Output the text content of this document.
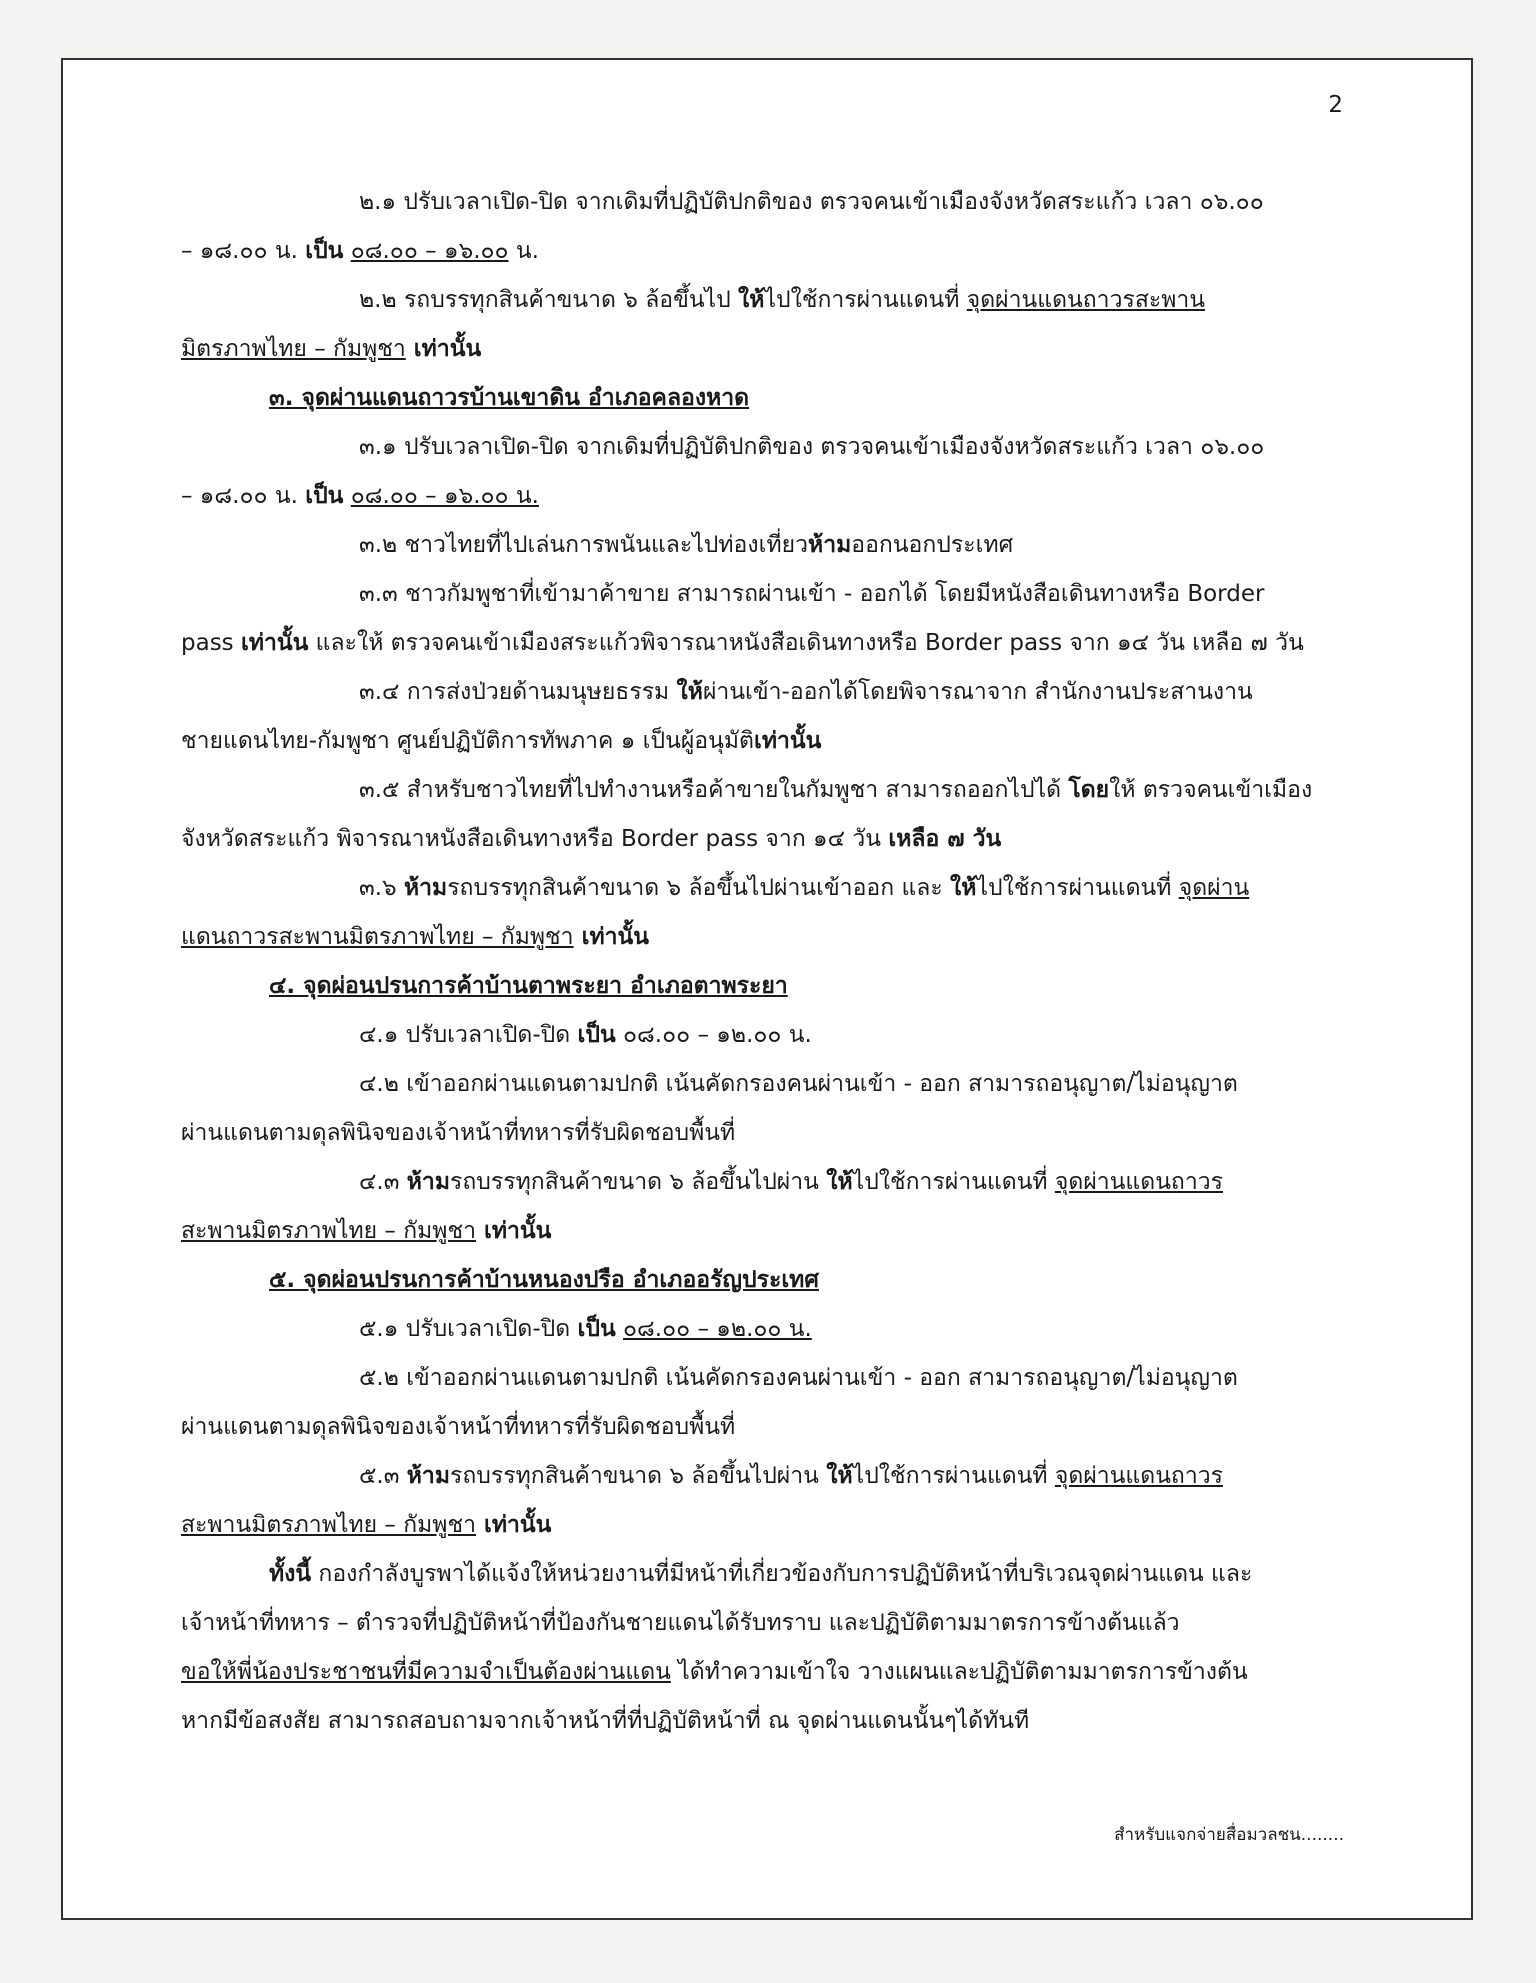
2
๒.๑ ปรับเวลาเปิด-ปิด จากเดิมที่ปฏิบัติปกติของ ตรวจคนเข้าเมืองจังหวัดสระแก้ว เวลา ๐๖.๐๐
– ๑๘.๐๐ น. เป็น ๐๘.๐๐ – ๑๖.๐๐ น.
๒.๒ รถบรรทุกสินค้าขนาด ๖ ล้อขึ้นไป ให้ไปใช้การผ่านแดนที่ จุดผ่านแดนถาวรสะพาน
มิตรภาพไทย – กัมพูชา เท่านั้น
๓. จุดผ่านแดนถาวรบ้านเขาดิน อำเภอคลองหาด
๓.๑ ปรับเวลาเปิด-ปิด จากเดิมที่ปฏิบัติปกติของ ตรวจคนเข้าเมืองจังหวัดสระแก้ว เวลา ๐๖.๐๐
– ๑๘.๐๐ น. เป็น ๐๘.๐๐ – ๑๖.๐๐ น.
๓.๒ ชาวไทยที่ไปเล่นการพนันและไปท่องเที่ยวห้ามออกนอกประเทศ
๓.๓ ชาวกัมพูชาที่เข้ามาค้าขาย สามารถผ่านเข้า - ออกได้ โดยมีหนังสือเดินทางหรือ Border
pass เท่านั้น และให้ ตรวจคนเข้าเมืองสระแก้วพิจารณาหนังสือเดินทางหรือ Border pass จาก ๑๔ วัน เหลือ ๗ วัน
๓.๔ การส่งป่วยด้านมนุษยธรรม ให้ผ่านเข้า-ออกได้โดยพิจารณาจาก สำนักงานประสานงาน
ชายแดนไทย-กัมพูชา ศูนย์ปฏิบัติการทัพภาค ๑ เป็นผู้อนุมัติเท่านั้น
๓.๕ สำหรับชาวไทยที่ไปทำงานหรือค้าขายในกัมพูชา สามารถออกไปได้ โดยให้ ตรวจคนเข้าเมือง
จังหวัดสระแก้ว พิจารณาหนังสือเดินทางหรือ Border pass จาก ๑๔ วัน เหลือ ๗ วัน
๓.๖ ห้ามรถบรรทุกสินค้าขนาด ๖ ล้อขึ้นไปผ่านเข้าออก และ ให้ไปใช้การผ่านแดนที่ จุดผ่าน
แดนถาวรสะพานมิตรภาพไทย – กัมพูชา เท่านั้น
๔. จุดผ่อนปรนการค้าบ้านตาพระยา อำเภอตาพระยา
๔.๑ ปรับเวลาเปิด-ปิด เป็น ๐๘.๐๐ – ๑๒.๐๐ น.
๔.๒ เข้าออกผ่านแดนตามปกติ เน้นคัดกรองคนผ่านเข้า - ออก สามารถอนุญาต/ไม่อนุญาต
ผ่านแดนตามดุลพินิจของเจ้าหน้าที่ทหารที่รับผิดชอบพื้นที่
๔.๓ ห้ามรถบรรทุกสินค้าขนาด ๖ ล้อขึ้นไปผ่าน ให้ไปใช้การผ่านแดนที่ จุดผ่านแดนถาวร
สะพานมิตรภาพไทย – กัมพูชา เท่านั้น
๕. จุดผ่อนปรนการค้าบ้านหนองปรือ อำเภออรัญประเทศ
๕.๑ ปรับเวลาเปิด-ปิด เป็น ๐๘.๐๐ – ๑๒.๐๐ น.
๕.๒ เข้าออกผ่านแดนตามปกติ เน้นคัดกรองคนผ่านเข้า - ออก สามารถอนุญาต/ไม่อนุญาต
ผ่านแดนตามดุลพินิจของเจ้าหน้าที่ทหารที่รับผิดชอบพื้นที่
๕.๓ ห้ามรถบรรทุกสินค้าขนาด ๖ ล้อขึ้นไปผ่าน ให้ไปใช้การผ่านแดนที่ จุดผ่านแดนถาวร
สะพานมิตรภาพไทย – กัมพูชา เท่านั้น
ทั้งนี้ กองกำลังบูรพาได้แจ้งให้หน่วยงานที่มีหน้าที่เกี่ยวข้องกับการปฏิบัติหน้าที่บริเวณจุดผ่านแดน และ
เจ้าหน้าที่ทหาร – ตำรวจที่ปฏิบัติหน้าที่ป้องกันชายแดนได้รับทราบ และปฏิบัติตามมาตรการข้างต้นแล้ว
ขอให้พี่น้องประชาชนที่มีความจำเป็นต้องผ่านแดน ได้ทำความเข้าใจ วางแผนและปฏิบัติตามมาตรการข้างต้น
หากมีข้อสงสัย สามารถสอบถามจากเจ้าหน้าที่ที่ปฏิบัติหน้าที่ ณ จุดผ่านแดนนั้นๆได้ทันที
สำหรับแจกจ่ายสื่อมวลชน........
